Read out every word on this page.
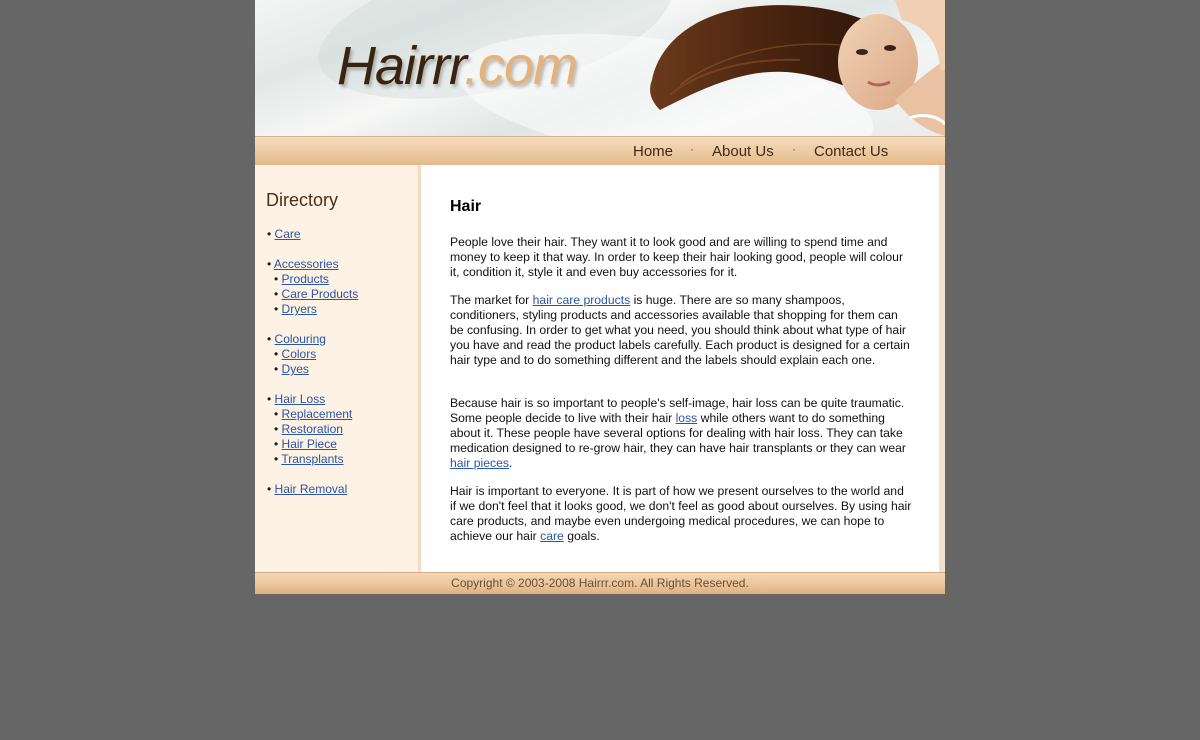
Hairrr.com
Home · About Us · Contact Us
Directory
• Care
• Accessories
• Products
• Care Products
• Dryers
• Colouring
• Colors
• Dyes
• Hair Loss
• Replacement
• Restoration
• Hair Piece
• Transplants
• Hair Removal
Hair

People love their hair. They want it to look good and are willing to spend time and money to keep it that way. In order to keep their hair looking good, people will colour it, condition it, style it and even buy accessories for it.

The market for hair care products is huge. There are so many shampoos, conditioners, styling products and accessories available that shopping for them can be confusing. In order to get what you need, you should think about what type of hair you have and read the product labels carefully. Each product is designed for a certain hair type and to do something different and the labels should explain each one.

Because hair is so important to people's self-image, hair loss can be quite traumatic. Some people decide to live with their hair loss while others want to do something about it. These people have several options for dealing with hair loss. They can take medication designed to re-grow hair, they can have hair transplants or they can wear hair pieces.

Hair is important to everyone. It is part of how we present ourselves to the world and if we don't feel that it looks good, we don't feel as good about ourselves. By using hair care products, and maybe even undergoing medical procedures, we can hope to achieve our hair care goals.

Copyright © 2003-2008 Hairrr.com. All Rights Reserved.
